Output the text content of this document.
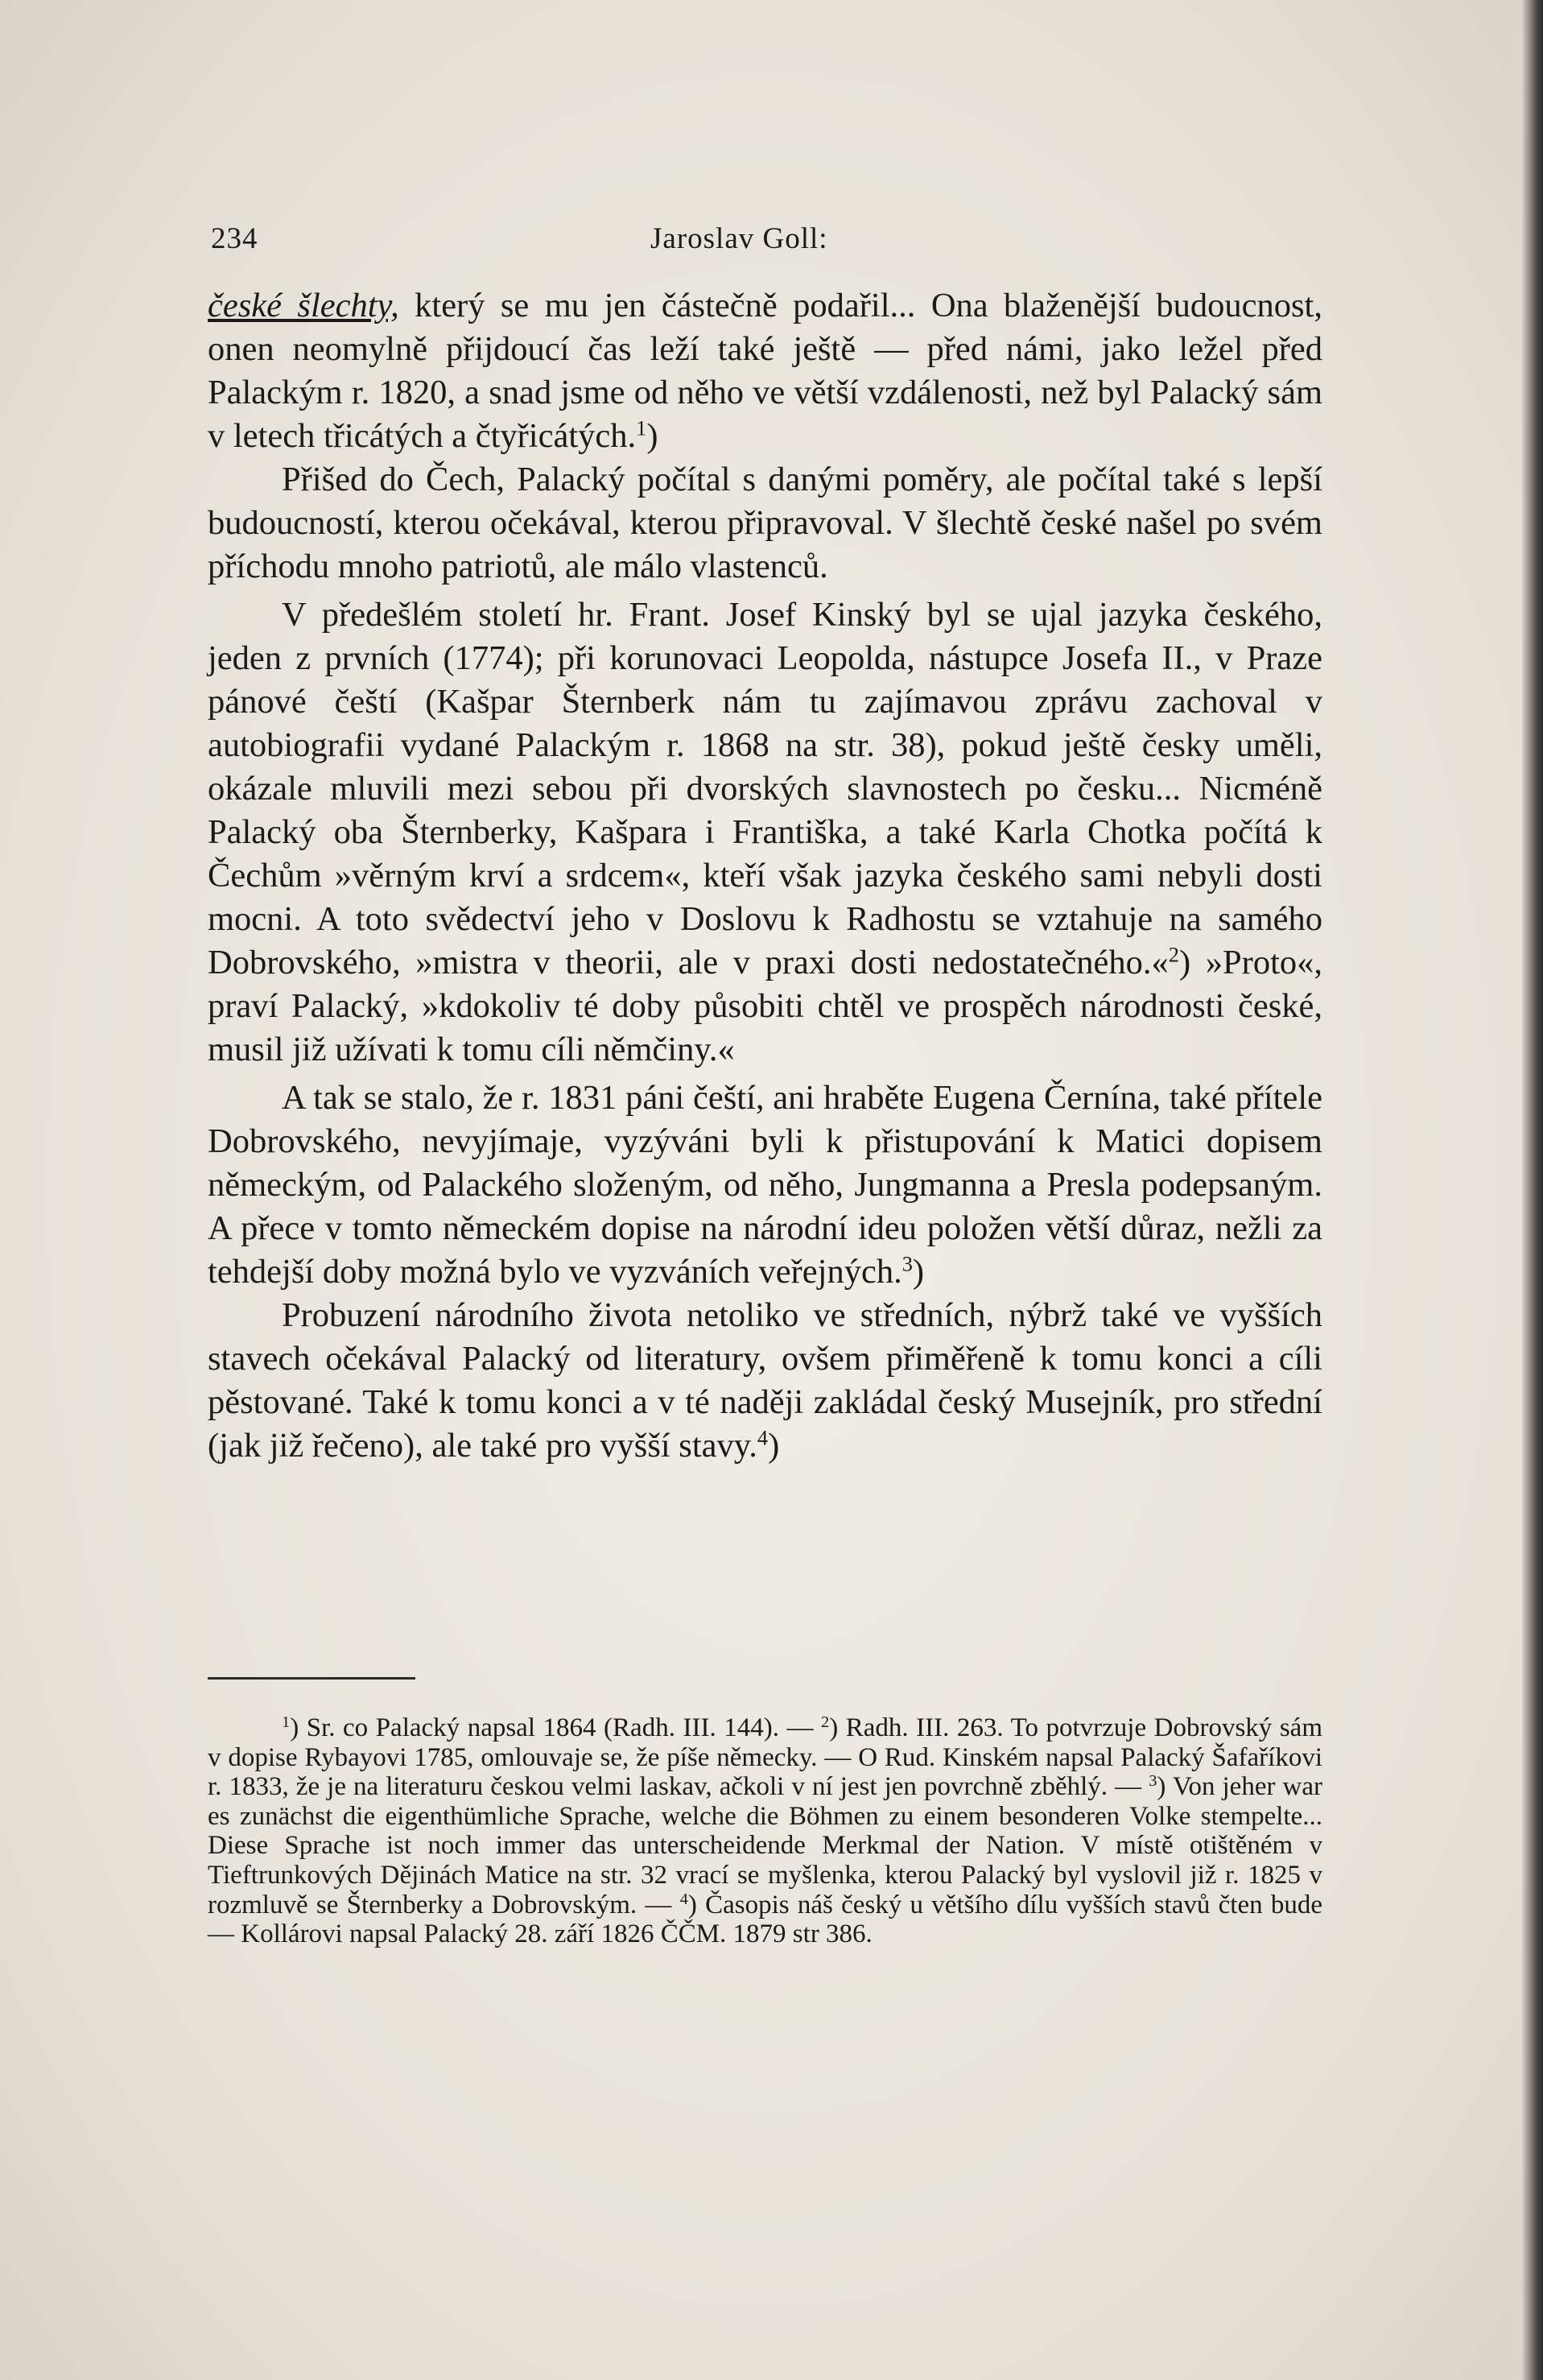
234	Jaroslav Goll:

české šlechty, který se mu jen částečně podařil... Ona blaženější budoucnost, onen neomylně přijdoucí čas leží také ještě — před námi, jako ležel před Palackým r. 1820, a snad jsme od něho ve větší vzdálenosti, než byl Palacký sám v letech třicátých a čtyřicátých.$^1$)

Přišed do Čech, Palacký počítal s danými poměry, ale počítal také s lepší budoucností, kterou očekával, kterou připravoval. V šlechtě české našel po svém příchodu mnoho patriotů, ale málo vlastenců.

V předešlém století hr. Frant. Josef Kinský byl se ujal jazyka českého, jeden z prvních (1774); při korunovaci Leopolda, nástupce Josefa II., v Praze pánové čeští (Kašpar Šternberk nám tu zajímavou zprávu zachoval v autobiografii vydané Palackým r. 1868 na str. 38), pokud ještě česky uměli, okázale mluvili mezi sebou při dvorských slavnostech po česku... Nicméně Palacký oba Šternberky, Kašpara i Františka, a také Karla Chotka počítá k Čechům »věrným krví a srdcem«, kteří však jazyka českého sami nebyli dosti mocni. A toto svědectví jeho v Doslovu k Radhostu se vztahuje na samého Dobrovského, »mistra v theorii, ale v praxi dosti nedostatečného.«$^2$) »Proto«, praví Palacký, »kdokoliv té doby působiti chtěl ve prospěch národnosti české, musil již užívati k tomu cíli němčiny.«

A tak se stalo, že r. 1831 páni čeští, ani hraběte Eugena Černína, také přítele Dobrovského, nevyjímaje, vyzýváni byli k přistupování k Matici dopisem německým, od Palackého složeným, od něho, Jungmanna a Presla podepsaným. A přece v tomto německém dopise na národní ideu položen větší důraz, nežli za tehdejší doby možná bylo ve vyzváních veřejných.$^3$)

Probuzení národního života netoliko ve středních, nýbrž také ve vyšších stavech očekával Palacký od literatury, ovšem přiměřeně k tomu konci a cíli pěstované. Také k tomu konci a v té naději zakládal český Musejník, pro střední (jak již řečeno), ale také pro vyšší stavy.$^4$)

$^1$) Sr. co Palacký napsal 1864 (Radh. III. 144). — $^2$) Radh. III. 263. To potvrzuje Dobrovský sám v dopise Rybayovi 1785, omlouvaje se, že píše německy. — O Rud. Kinském napsal Palacký Šafaříkovi r. 1833, že je na literaturu českou velmi laskav, ačkoli v ní jest jen povrchně zběhlý. — $^3$) Von jeher war es zunächst die eigenthümliche Sprache, welche die Böhmen zu einem besonderen Volke stempelte... Diese Sprache ist noch immer das unterscheidende Merkmal der Nation. V místě otištěném v Tieftrunkových Dějinách Matice na str. 32 vrací se myšlenka, kterou Palacký byl vyslovil již r. 1825 v rozmluvě se Šternberky a Dobrovským. — $^4$) Časopis náš český u většího dílu vyšších stavů čten bude — Kollárovi napsal Palacký 28. září 1826 ČČM. 1879 str 386.
